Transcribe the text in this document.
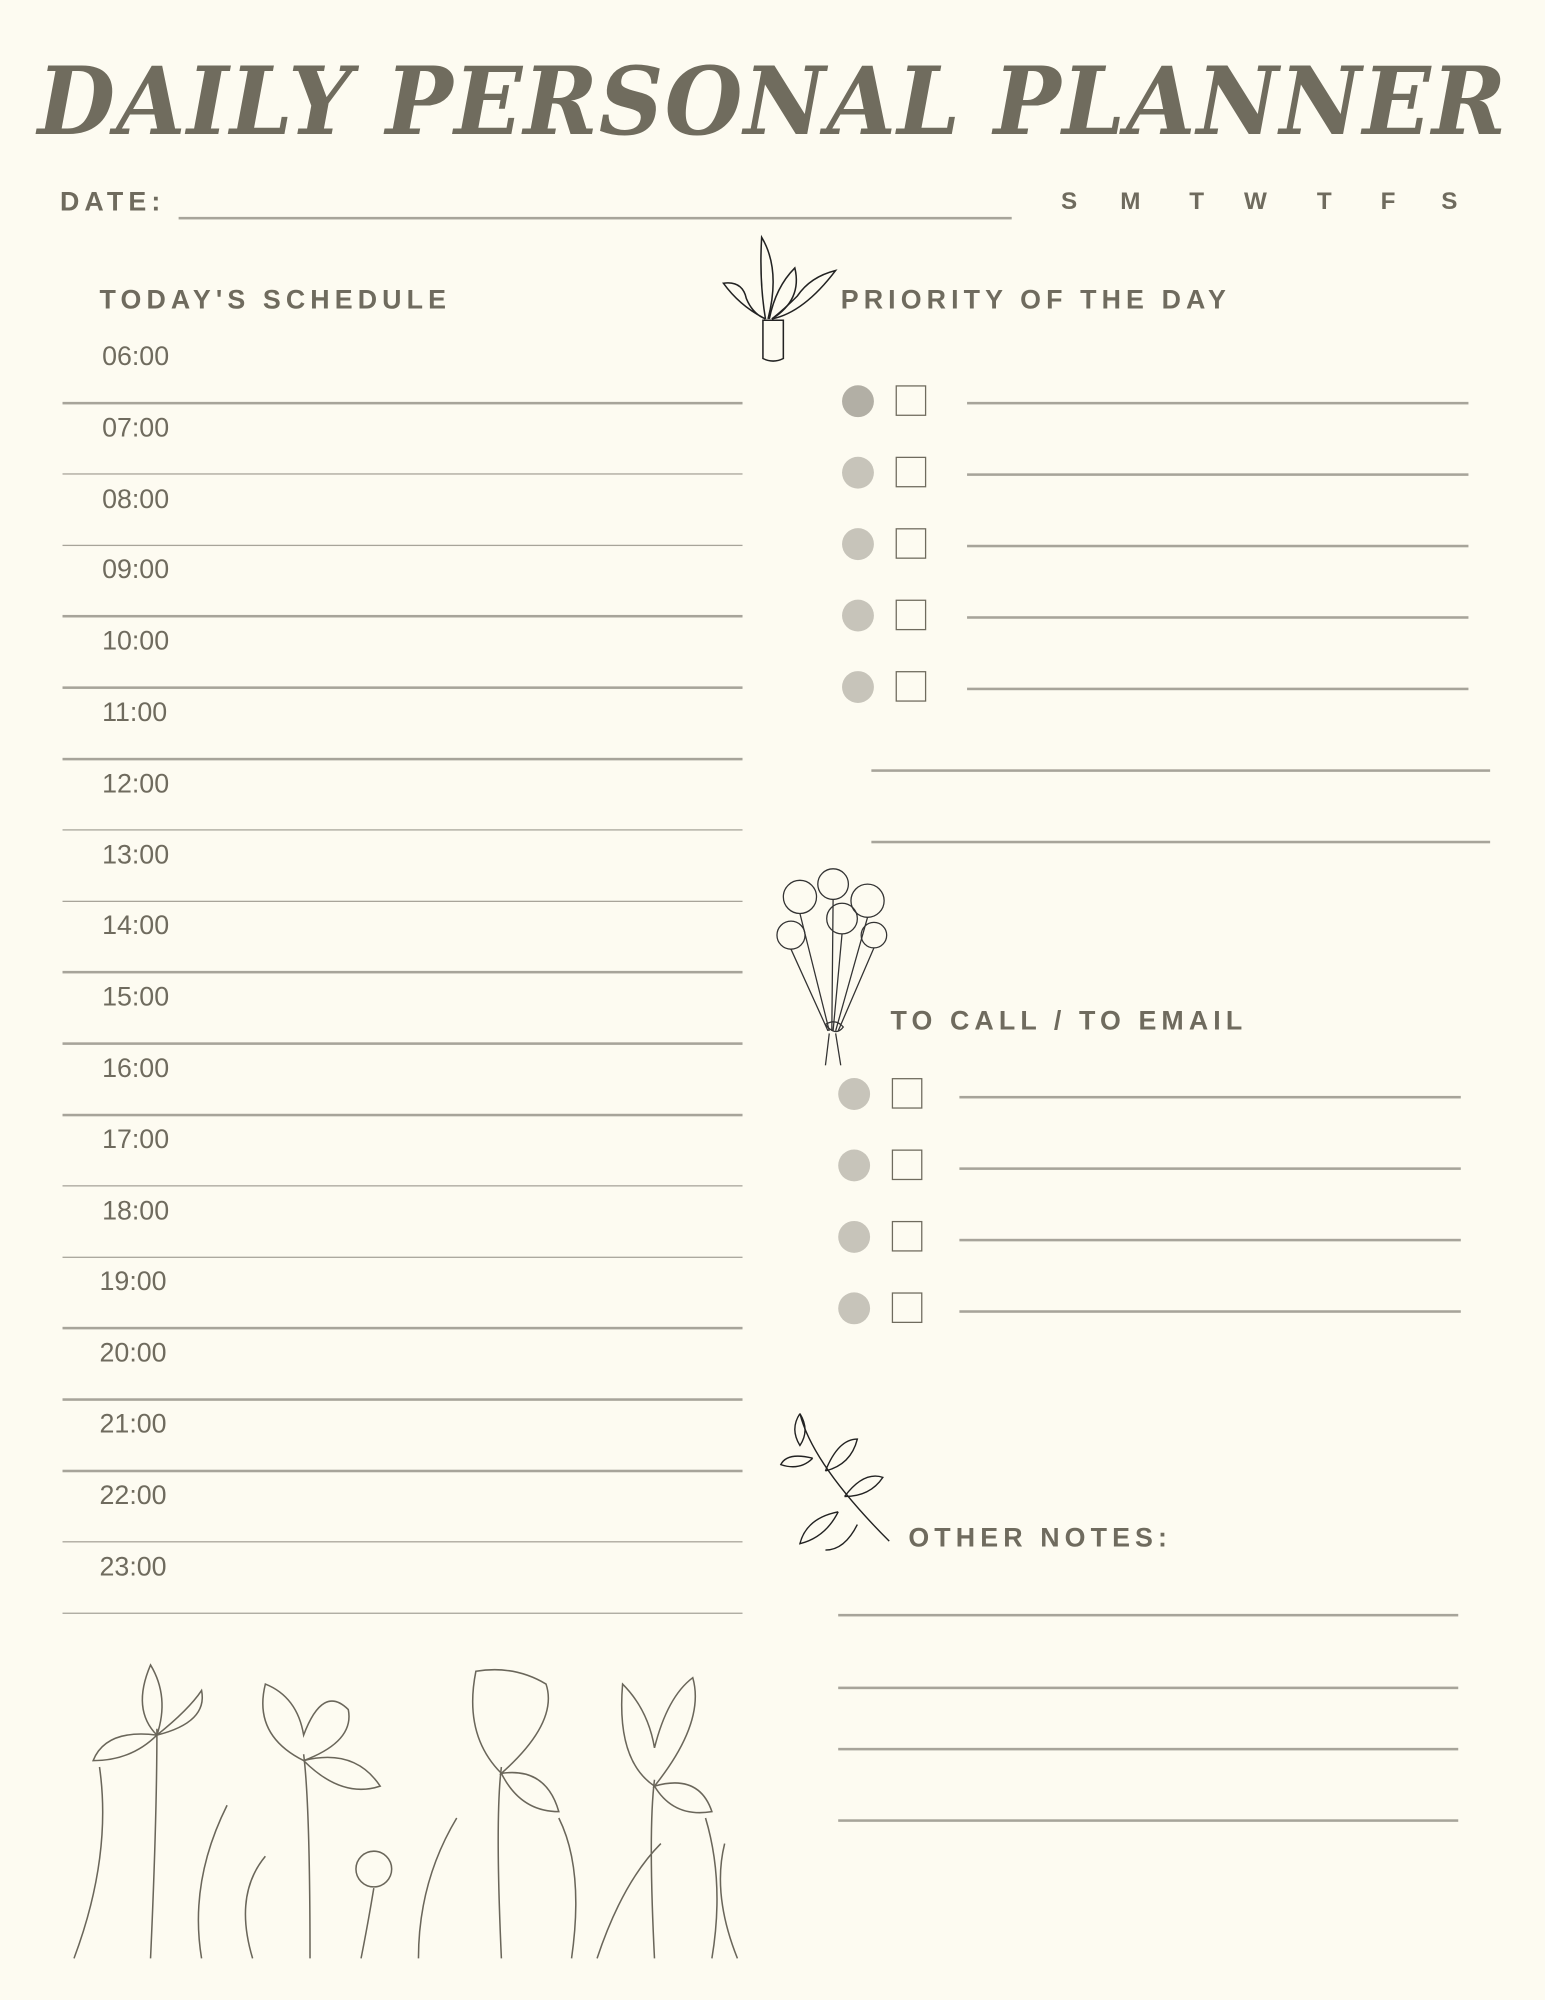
DAILY PERSONAL PLANNER
DATE:
TODAY'S SCHEDULE	PRIORITY OF THE DAY
TO CALL / TO EMAIL
OTHER NOTES:
S M	T W	T	F S
06:00
07:00
08:00
09:00
10:00
11:00
12:00
13:00
14:00
15:00
16:00
17:00
18:00
19:00
20:00
21:00
22:00
23:00
